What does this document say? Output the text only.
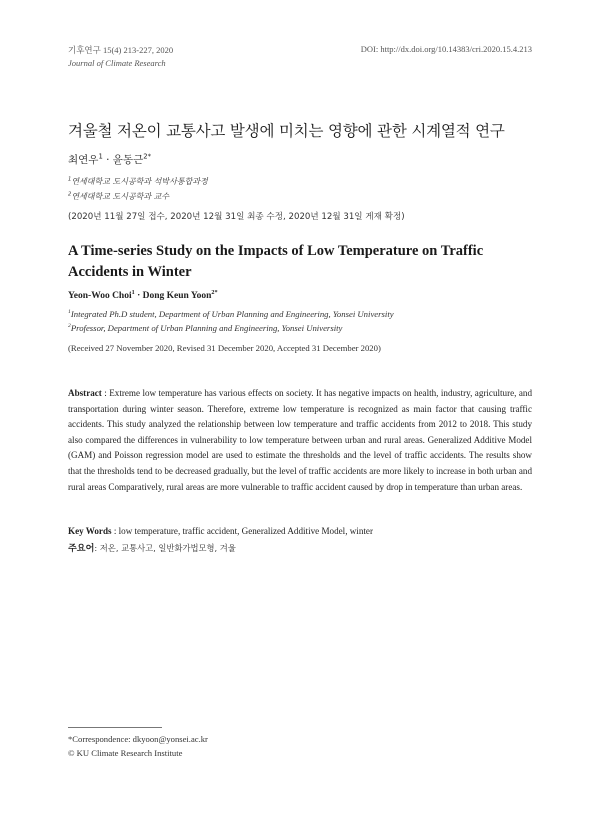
기후연구 15(4) 213-227, 2020
Journal of Climate Research
DOI: http://dx.doi.org/10.14383/cri.2020.15.4.213
겨울철 저온이 교통사고 발생에 미치는 영향에 관한 시계열적 연구
최연우$^1$ · 윤동근$^{2*}$
$^1$연세대학교 도시공학과 석박사통합과정
$^2$연세대학교 도시공학과 교수
(2020년 11월 27일 접수, 2020년 12월 31일 최종 수정, 2020년 12월 31일 게재 확정)
A Time-series Study on the Impacts of Low Temperature on Traffic Accidents in Winter
Yeon-Woo Choi$^1$ · Dong Keun Yoon$^{2*}$
$^1$Integrated Ph.D student, Department of Urban Planning and Engineering, Yonsei University
$^2$Professor, Department of Urban Planning and Engineering, Yonsei University
(Received 27 November 2020, Revised 31 December 2020, Accepted 31 December 2020)
Abstract : Extreme low temperature has various effects on society. It has negative impacts on health, industry, agriculture, and transportation during winter season. Therefore, extreme low temperature is recognized as main factor that causing traffic accidents. This study analyzed the relationship between low temperature and traffic accidents from 2012 to 2018. This study also compared the differences in vulnerability to low temperature between urban and rural areas. Generalized Additive Model (GAM) and Poisson regression model are used to estimate the thresholds and the level of traffic accidents. The results show that the thresholds tend to be decreased gradually, but the level of traffic accidents are more likely to increase in both urban and rural areas Comparatively, rural areas are more vulnerable to traffic accident caused by drop in temperature than urban areas.
Key Words : low temperature, traffic accident, Generalized Additive Model, winter
주요어: 저온, 교통사고, 일반화가법모형, 겨울
*Correspondence: dkyoon@yonsei.ac.kr
© KU Climate Research Institute
